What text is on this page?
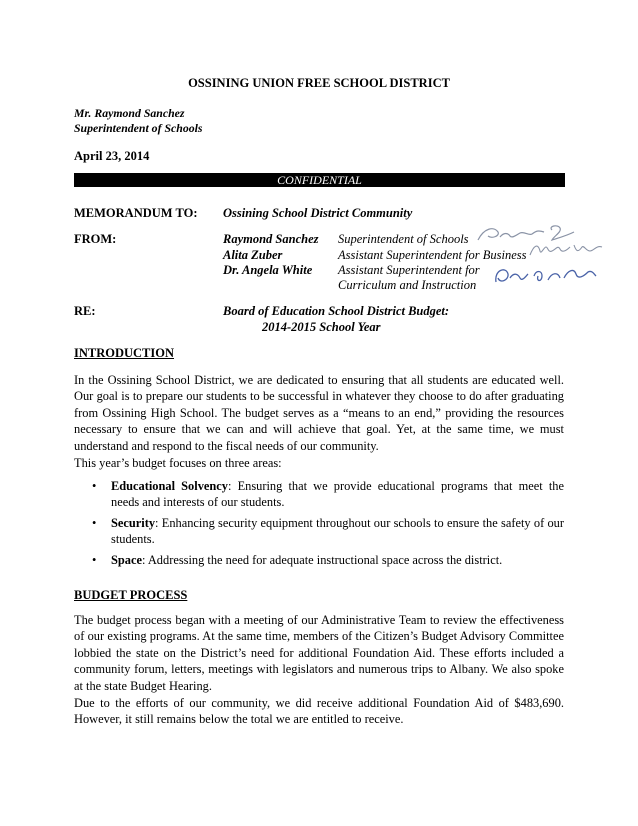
OSSINING UNION FREE SCHOOL DISTRICT
Mr. Raymond Sanchez
Superintendent of Schools
April 23, 2014
CONFIDENTIAL
MEMORANDUM TO: Ossining School District Community
FROM:	Raymond Sanchez Superintendent of Schools
Alita Zuber	Assistant Superintendent for Business
Dr. Angela White Assistant Superintendent for
Curriculum and Instruction
RE:	Board of Education School District Budget:
2014-2015 School Year
INTRODUCTION
In the Ossining School District, we are dedicated to ensuring that all students are educated well. Our goal is to prepare our students to be successful in whatever they choose to do after graduating from Ossining High School. The budget serves as a “means to an end,” providing the resources necessary to ensure that we can and will achieve that goal. Yet, at the same time, we must understand and respond to the fiscal needs of our community.
This year’s budget focuses on three areas:
• Educational Solvency: Ensuring that we provide educational programs that meet the needs and interests of our students.
• Security: Enhancing security equipment throughout our schools to ensure the safety of our students.
• Space: Addressing the need for adequate instructional space across the district.
BUDGET PROCESS
The budget process began with a meeting of our Administrative Team to review the effectiveness of our existing programs. At the same time, members of the Citizen’s Budget Advisory Committee lobbied the state on the District’s need for additional Foundation Aid. These efforts included a community forum, letters, meetings with legislators and numerous trips to Albany. We also spoke at the state Budget Hearing.
Due to the efforts of our community, we did receive additional Foundation Aid of $483,690. However, it still remains below the total we are entitled to receive.
